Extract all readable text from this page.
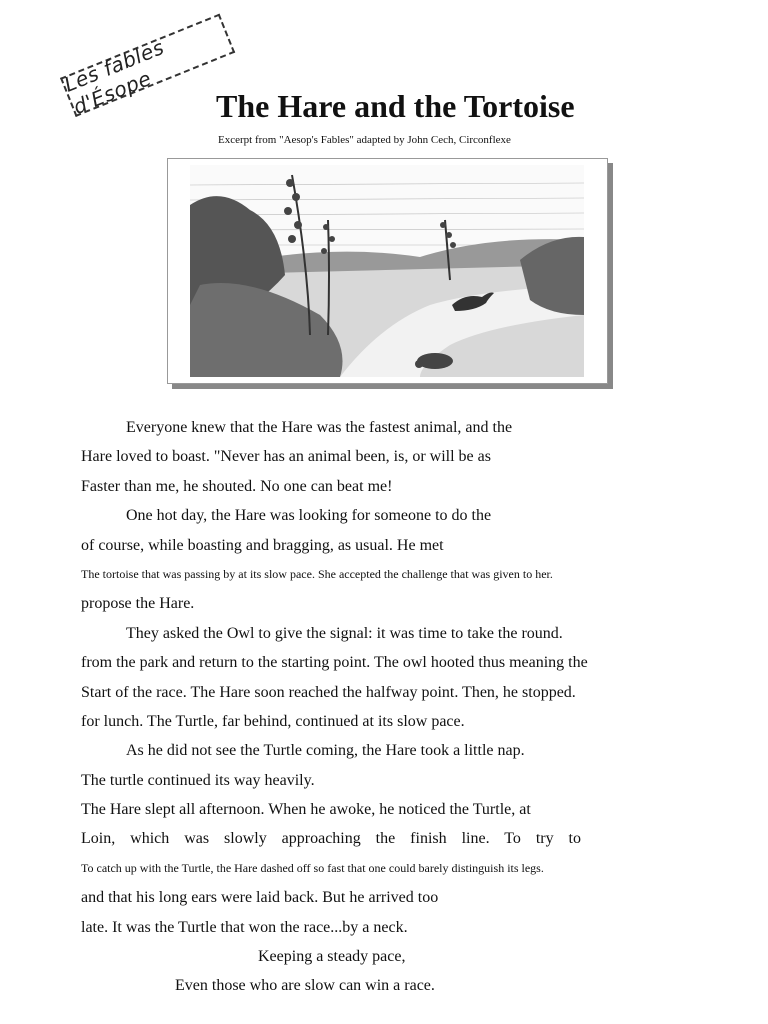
Les fables d'Ésope	The Hare and the Tortoise
Excerpt from "Aesop's Fables" adapted by John Cech, Circonflexe
Everyone knew that the Hare was the fastest animal, and the
Hare loved to boast. "Never has an animal been, is, or will be as
Faster than me, he shouted. No one can beat me!
One hot day, the Hare was looking for someone to do the
of course, while boasting and bragging, as usual. He met
The tortoise that was passing by at its slow pace. She accepted the challenge that was given to her.
propose the Hare.
They asked the Owl to give the signal: it was time to take the round.
from the park and return to the starting point. The owl hooted thus meaning the
Start of the race. The Hare soon reached the halfway point. Then, he stopped.
for lunch. The Turtle, far behind, continued at its slow pace.
As he did not see the Turtle coming, the Hare took a little nap.
The turtle continued its way heavily.
The Hare slept all afternoon. When he awoke, he noticed the Turtle, at
Loin, which was slowly approaching the finish line. To try to
To catch up with the Turtle, the Hare dashed off so fast that one could barely distinguish its legs.
and that his long ears were laid back. But he arrived too
late. It was the Turtle that won the race...by a neck.
Keeping a steady pace,
Even those who are slow can win a race.
